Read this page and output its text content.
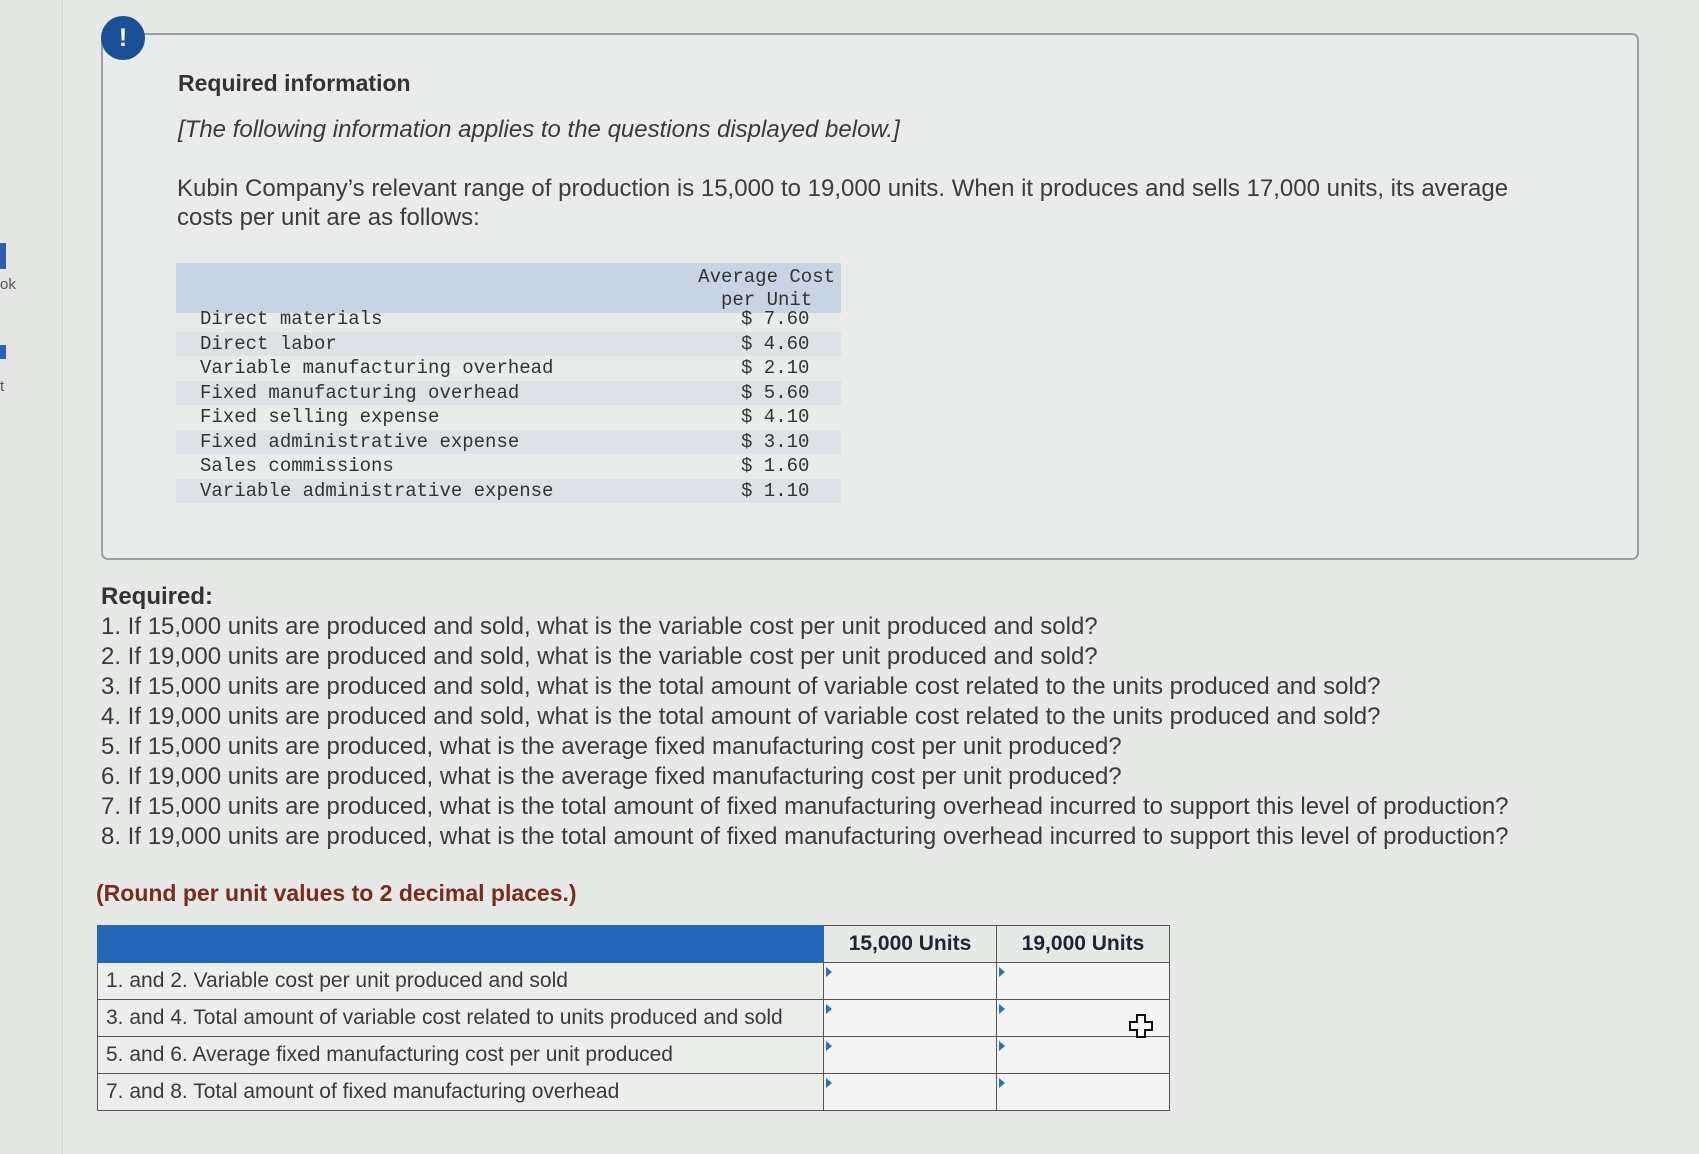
ok
t
!
Required information
[The following information applies to the questions displayed below.]
Kubin Company’s relevant range of production is 15,000 to 19,000 units. When it produces and sells 17,000 units, its average costs per unit are as follows:
Average Cost
per Unit
Direct materials	$ 7.60
Direct labor	$ 4.60
Variable manufacturing overhead	$ 2.10
Fixed manufacturing overhead	$ 5.60
Fixed selling expense	$ 4.10
Fixed administrative expense	$ 3.10
Sales commissions	$ 1.60
Variable administrative expense	$ 1.10
Required:
1. If 15,000 units are produced and sold, what is the variable cost per unit produced and sold?
2. If 19,000 units are produced and sold, what is the variable cost per unit produced and sold?
3. If 15,000 units are produced and sold, what is the total amount of variable cost related to the units produced and sold?
4. If 19,000 units are produced and sold, what is the total amount of variable cost related to the units produced and sold?
5. If 15,000 units are produced, what is the average fixed manufacturing cost per unit produced?
6. If 19,000 units are produced, what is the average fixed manufacturing cost per unit produced?
7. If 15,000 units are produced, what is the total amount of fixed manufacturing overhead incurred to support this level of production?
8. If 19,000 units are produced, what is the total amount of fixed manufacturing overhead incurred to support this level of production?
(Round per unit values to 2 decimal places.)
	15,000 Units	19,000 Units
1. and 2. Variable cost per unit produced and sold		
3. and 4. Total amount of variable cost related to units produced and sold		
5. and 6. Average fixed manufacturing cost per unit produced		
7. and 8. Total amount of fixed manufacturing overhead		
